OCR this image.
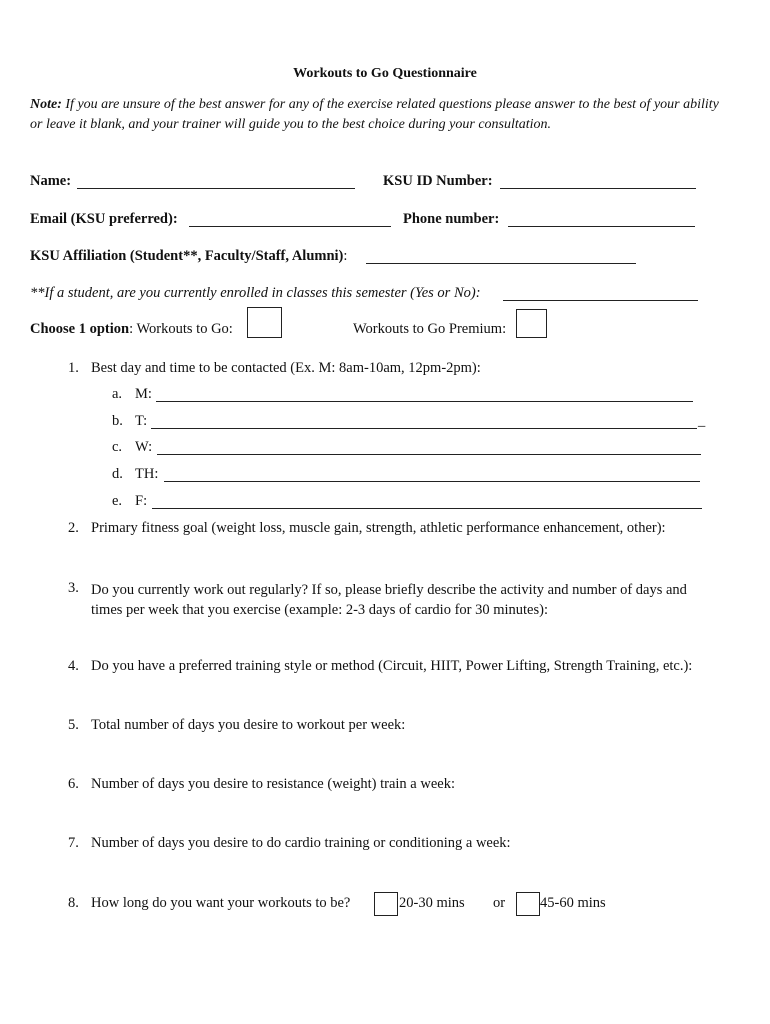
Workouts to Go Questionnaire
Note: If you are unsure of the best answer for any of the exercise related questions please answer to the best of your ability or leave it blank, and your trainer will guide you to the best choice during your consultation.
Name:	KSU ID Number:
Email (KSU preferred):	Phone number:
KSU Affiliation (Student**, Faculty/Staff, Alumni):
**If a student, are you currently enrolled in classes this semester (Yes or No):
Choose 1 option: Workouts to Go:	Workouts to Go Premium:
1. Best day and time to be contacted (Ex. M: 8am-10am, 12pm-2pm):
a. M:
b. T:	_
c. W:
d. TH:
e. F:
2. Primary fitness goal (weight loss, muscle gain, strength, athletic performance enhancement, other):
3. Do you currently work out regularly? If so, please briefly describe the activity and number of days and times per week that you exercise (example: 2-3 days of cardio for 30 minutes):
4. Do you have a preferred training style or method (Circuit, HIIT, Power Lifting, Strength Training, etc.):
5. Total number of days you desire to workout per week:
6. Number of days you desire to resistance (weight) train a week:
7. Number of days you desire to do cardio training or conditioning a week:
8. How long do you want your workouts to be?	20-30 mins or 45-60 mins
